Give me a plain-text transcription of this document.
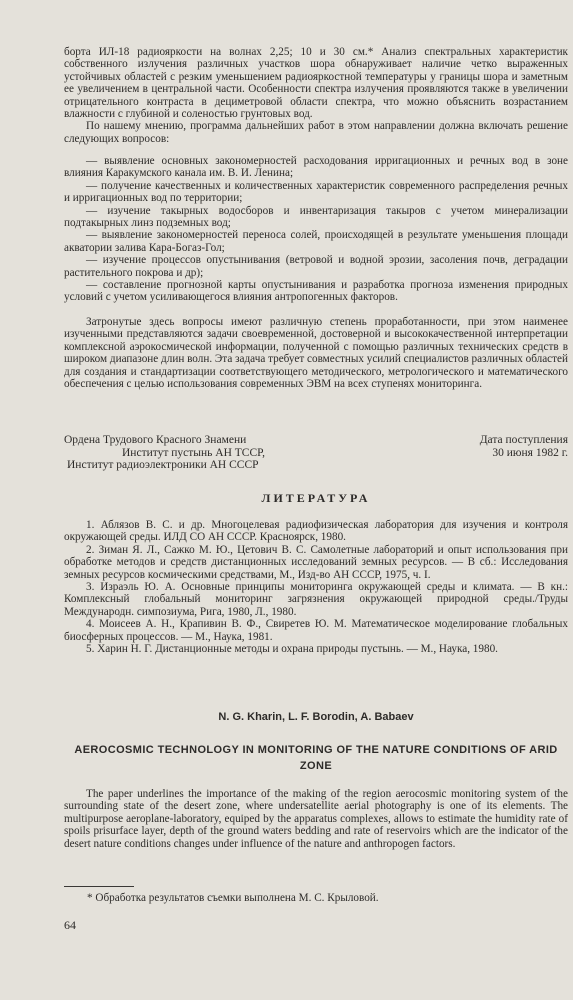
борта ИЛ-18 радиояркости на волнах 2,25; 10 и 30 см.* Анализ спектральных характеристик собственного излучения различных участков шора обнаруживает наличие четко выраженных устойчивых областей с резким уменьшением радиояркостной температуры у границы шора и заметным ее увеличением в центральной части. Особенности спектра излучения проявляются также в увеличении отрицательного контраста в дециметровой области спектра, что можно объяснить возрастанием влажности с глубиной и соленостью грунтовых вод.

По нашему мнению, программа дальнейших работ в этом направлении должна включать решение следующих вопросов:

— выявление основных закономерностей расходования ирригационных и речных вод в зоне влияния Каракумского канала им. В. И. Ленина;

— получение качественных и количественных характеристик современного распределения речных и ирригационных вод по территории;

— изучение такырных водосборов и инвентаризация такыров с учетом минерализации подтакырных линз подземных вод;

— выявление закономерностей переноса солей, происходящей в результате уменьшения площади акватории залива Кара-Богаз-Гол;

— изучение процессов опустынивания (ветровой и водной эрозии, засоления почв, деградации растительного покрова и др);

— составление прогнозной карты опустынивания и разработка прогноза изменения природных условий с учетом усиливающегося влияния антропогенных факторов.

Затронутые здесь вопросы имеют различную степень проработанности, при этом наименее изученными представляются задачи своевременной, достоверной и высококачественной интерпретации комплексной аэрокосмической информации, полученной с помощью различных технических средств в широком диапазоне длин волн. Эта задача требует совместных усилий специалистов различных областей для создания и стандартизации соответствующего методического, метрологического и математического обеспечения с целью использования современных ЭВМ на всех ступенях мониторинга.

Ордена Трудового Красного Знамени
Институт пустынь АН ТССР,
Институт радиоэлектроники АН СССР
Дата поступления
30 июня 1982 г.
ЛИТЕРАТУРА

1. Аблязов В. С. и др. Многоцелевая радиофизическая лаборатория для изучения и контроля окружающей среды. ИЛД СО АН СССР. Красноярск, 1980.

2. Зиман Я. Л., Сажко М. Ю., Цетович В. С. Самолетные лабораторий и опыт использования при обработке методов и средств дистанционных исследований земных ресурсов. — В сб.: Исследования земных ресурсов космическими средствами, М., Изд-во АН СССР, 1975, ч. I.

3. Израэль Ю. А. Основные принципы мониторинга окружающей среды и климата. — В кн.: Комплексный глобальный мониторинг загрязнения окружающей природной среды./Труды Международн. симпозиума, Рига, 1980, Л., 1980.

4. Моисеев А. Н., Крапивин В. Ф., Свиретев Ю. М. Математическое моделирование глобальных биосферных процессов. — М., Наука, 1981.

5. Харин Н. Г. Дистанционные методы и охрана природы пустынь. — М., Наука, 1980.

N. G. Kharin, L. F. Borodin, A. Babaev
AEROCOSMIC TECHNOLOGY IN MONITORING OF THE NATURE CONDITIONS OF ARID ZONE

The paper underlines the importance of the making of the region aerocosmic monitoring system of the surrounding state of the desert zone, where undersatellite aerial photography is one of its elements. The multipurpose aeroplane-laboratory, equiped by the apparatus complexes, allows to estimate the humidity rate of spoils prisurface layer, depth of the ground waters bedding and rate of reservoirs which are the indicator of the desert nature conditions changes under influence of the nature and anthropogen factors.

* Обработка результатов съемки выполнена М. С. Крыловой.
64
